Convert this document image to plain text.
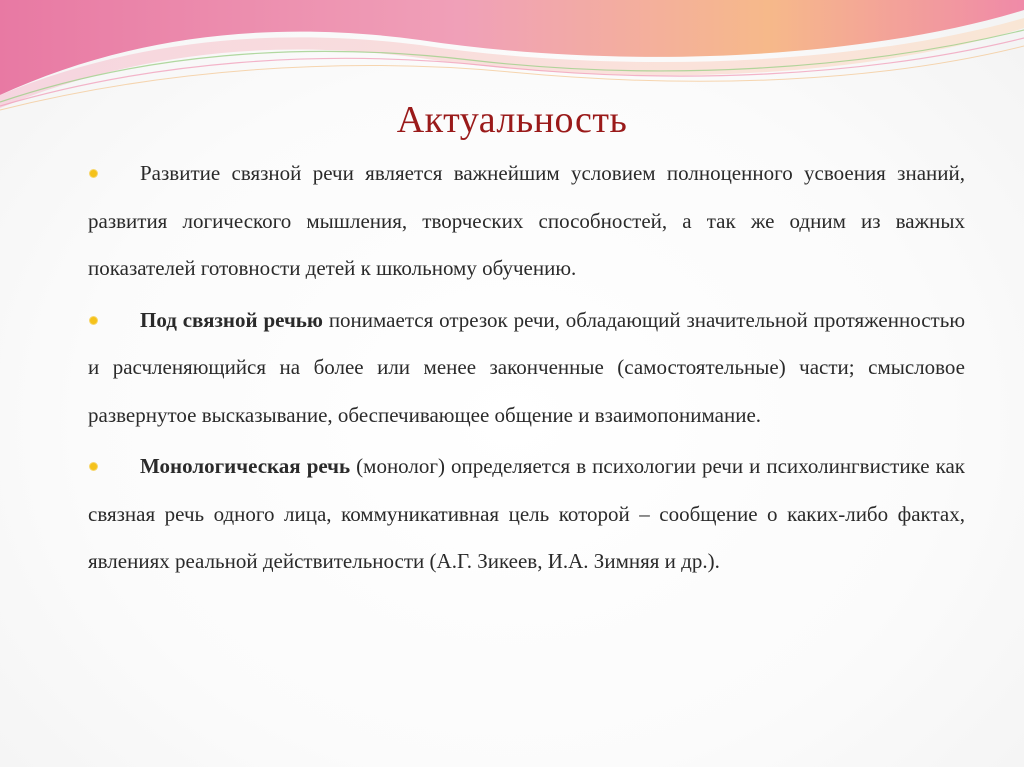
Актуальность

Развитие связной речи является важнейшим условием полноценного усвоения знаний, развития логического мышления, творческих способностей, а так же одним из важных показателей готовности детей к школьному обучению.

Под связной речью понимается отрезок речи, обладающий значительной протяженностью и расчленяющийся на более или менее законченные (самостоятельные) части; смысловое развернутое высказывание, обеспечивающее общение и взаимопонимание.

Монологическая речь (монолог) определяется в психологии речи и психолингвистике как связная речь одного лица, коммуникативная цель которой – сообщение о каких-либо фактах, явлениях реальной действительности (А.Г. Зикеев, И.А. Зимняя и др.).
